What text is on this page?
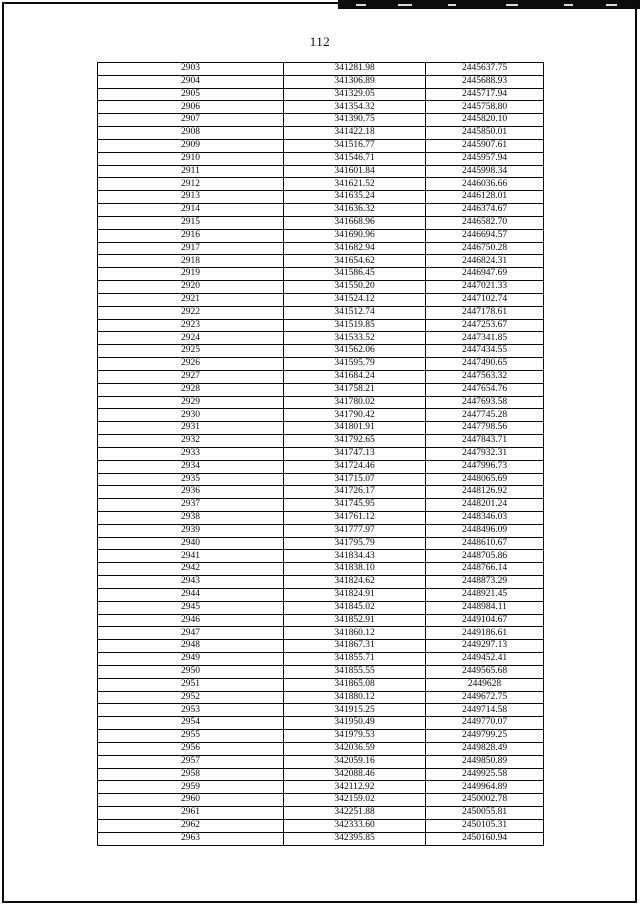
112
2903	341281.98	2445637.75
2904	341306.89	2445688.93
2905	341329.05	2445717.94
2906	341354.32	2445758.80
2907	341390.75	2445820.10
2908	341422.18	2445850.01
2909	341516.77	2445907.61
2910	341546.71	2445957.94
2911	341601.84	2445998.34
2912	341621.52	2446036.66
2913	341635.24	2446128.01
2914	341636.32	2446374.67
2915	341668.96	2446582.70
2916	341690.96	2446694.57
2917	341682.94	2446750.28
2918	341654.62	2446824.31
2919	341586.45	2446947.69
2920	341550.20	2447021.33
2921	341524.12	2447102.74
2922	341512.74	2447178.61
2923	341519.85	2447253.67
2924	341533.52	2447341.85
2925	341562.06	2447434.55
2926	341595.79	2447490.65
2927	341684.24	2447563.32
2928	341758.21	2447654.76
2929	341780.02	2447693.58
2930	341790.42	2447745.28
2931	341801.91	2447798.56
2932	341792.65	2447843.71
2933	341747.13	2447932.31
2934	341724.46	2447996.73
2935	341715.07	2448065.69
2936	341726.17	2448126.92
2937	341745.95	2448201.24
2938	341761.12	2448346.03
2939	341777.97	2448496.09
2940	341795.79	2448610.67
2941	341834.43	2448705.86
2942	341838.10	2448766.14
2943	341824.62	2448873.29
2944	341824.91	2448921.45
2945	341845.02	2448984.11
2946	341852.91	2449104.67
2947	341860.12	2449186.61
2948	341867.31	2449297.13
2949	341855.71	2449452.41
2950	341855.55	2449565.68
2951	341865.08	2449628
2952	341880.12	2449672.75
2953	341915.25	2449714.58
2954	341950.49	2449770.07
2955	341979.53	2449799.25
2956	342036.59	2449828.49
2957	342059.16	2449850.89
2958	342088.46	2449925.58
2959	342112.92	2449964.89
2960	342159.02	2450002.78
2961	342251.88	2450055.81
2962	342333.60	2450105.31
2963	342395.85	2450160.94
